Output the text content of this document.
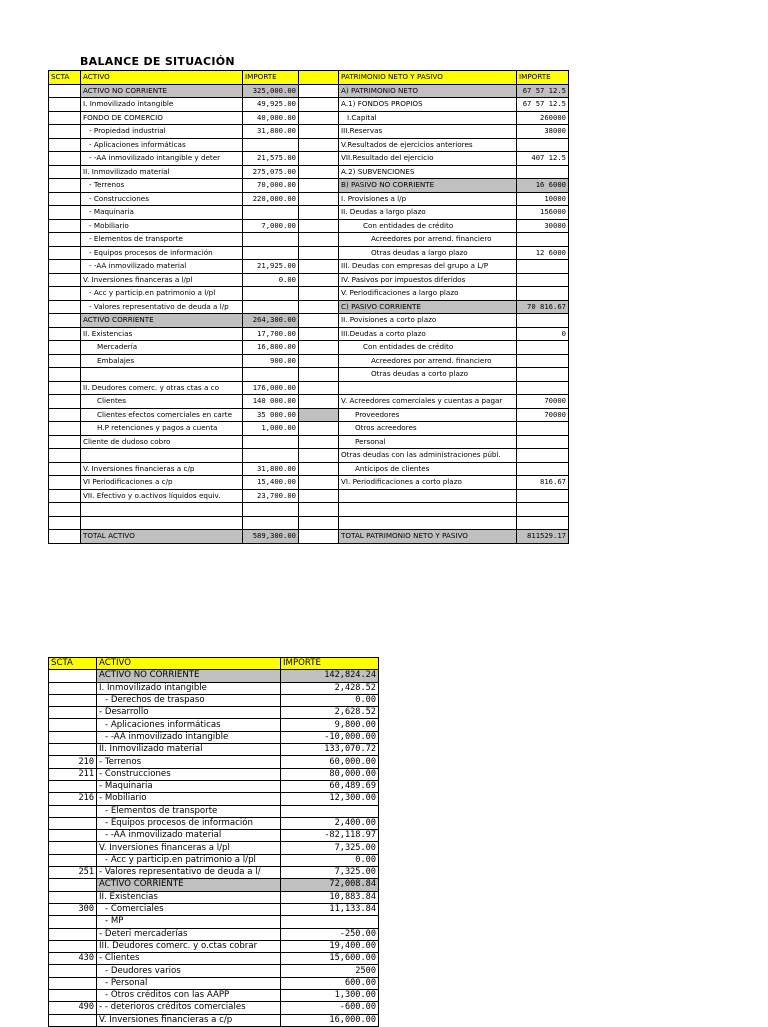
BALANCE DE SITUACIÓN
SCTA	ACTIVO	IMPORTE		PATRIMONIO NETO Y PASIVO	IMPORTE
	ACTIVO NO CORRIENTE	325,000.00		A) PATRIMONIO NETO	67 57 12.5
	I. Inmovilizado intangible	49,925.00		A.1) FONDOS PROPIOS	67 57 12.5
	FONDO DE COMERCIO	40,000.00		I.Capital	260000
	- Propiedad industrial	31,800.00		III.Reservas	38000
	- Aplicaciones informáticas			V.Resultados de ejercicios anteriores	
	- -AA inmovilizado intangible y deter	21,575.00		VII.Resultado del ejercicio	407 12.5
	II. Inmovilizado material	275,075.00		A.2) SUBVENCIONES	
	- Terrenos	70,000.00		B) PASIVO NO CORRIENTE	16 6000
	- Construcciones	220,000.00		I. Provisiones a l/p	10000
	- Maquinaria			II. Deudas a largo plazo	156000
	- Mobiliario	7,000.00		Con entidades de crédito	30000
	- Elementos de transporte			Acreedores por arrend. financiero	
	- Equipos procesos de información			Otras deudas a largo plazo	12 6000
	- -AA inmovilizado material	21,925.00		III. Deudas con empresas del grupo a L/P	
	V. Inversiones financeras a l/pl	0.00		IV. Pasivos por impuestos diferidos	
	- Acc y particip.en patrimonio a l/pl			V. Periodificaciones a largo plazo	
	- Valores representativo de deuda a l/p			C) PASIVO CORRIENTE	70 816.67
	ACTIVO CORRIENTE	264,300.00		II. Povisiones a corto plazo	
	II. Existencias	17,700.00		III.Deudas a corto plazo	0
	Mercadería	16,800.00		Con entidades de crédito	
	Embalajes	900.00		Acreedores por arrend. financiero	
				Otras deudas a corto plazo	
	II. Deudores comerc. y otras ctas a co	176,000.00			
	Clientes	140 000.00		V. Acreedores comerciales y cuentas a pagar	70000
	Clientes efectos comerciales en carte	35 000.00		Proveedores	70000
	H.P retenciones y pagos a cuenta	1,000.00		Otros acreedores	
	Cliente de dudoso cobro			Personal	
				Otras deudas con las administraciones públ.	
	V. Inversiones financieras a c/p	31,800.00		Anticipos de clientes	
	VI Periodificaciones a c/p	15,400.00		VI. Periodificaciones a corto plazo	816.67
	VII. Efectivo y o.activos líquidos equiv.	23,700.00			

	TOTAL ACTIVO	589,300.00		TOTAL PATRIMONIO NETO Y PASIVO	811529.17
SCTA	ACTIVO	IMPORTE
	ACTIVO NO CORRIENTE	142,824.24
	I. Inmovilizado intangible	2,428.52
	- Derechos de traspaso	0.00
	- Desarrollo	2,628.52
	- Aplicaciones informáticas	9,800.00
	- -AA inmovilizado intangible	-10,000.00
	II. Inmovilizado material	133,070.72
210	- Terrenos	60,000.00
211	- Construcciones	80,000.00
	- Maquinaria	60,489.69
216	- Mobiliario	12,300.00
	- Elementos de transporte	
	- Equipos procesos de información	2,400.00
	- -AA inmovilizado material	-82,118.97
	V. Inversiones financeras a l/pl	7,325.00
	- Acc y particip.en patrimonio a l/pl	0.00
251	- Valores representativo de deuda a l/	7,325.00
	ACTIVO CORRIENTE	72,008.84
	II. Existencias	10,883.84
300	- Comerciales	11,133.84
	- MP	
	- Deteri mercaderías	-250.00
	III. Deudores comerc. y o.ctas cobrar	19,400.00
430	- Clientes	15,600.00
	- Deudores varios	2500
	- Personal	600.00
	- Otros créditos con las AAPP	1,300.00
490	- - deterioros créditos comerciales	-600.00
	V. Inversiones financieras a c/p	16,000.00
